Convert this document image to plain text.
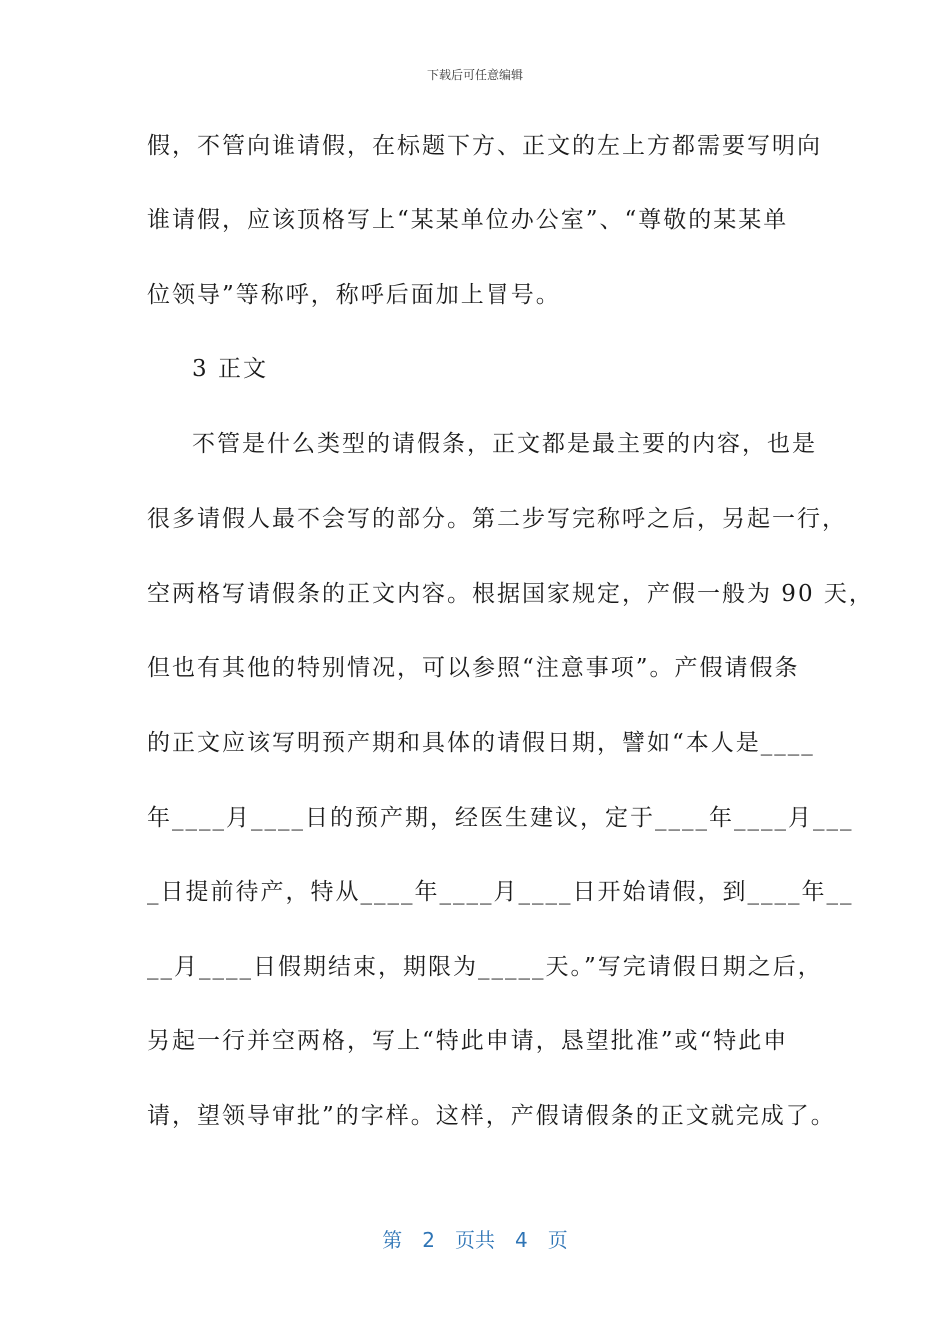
下载后可任意编辑
假，不管向谁请假，在标题下方、正文的左上方都需要写明向
谁请假，应该顶格写上“某某单位办公室”、“尊敬的某某单
位领导”等称呼，称呼后面加上冒号。
3 正文
不管是什么类型的请假条，正文都是最主要的内容，也是
很多请假人最不会写的部分。第二步写完称呼之后，另起一行，
空两格写请假条的正文内容。根据国家规定，产假一般为 90 天，
但也有其他的特别情况，可以参照“注意事项”。产假请假条
的正文应该写明预产期和具体的请假日期，譬如“本人是____
年____月____日的预产期，经医生建议，定于____年____月___
_日提前待产，特从____年____月____日开始请假，到____年__
__月____日假期结束，期限为_____天。”写完请假日期之后，
另起一行并空两格，写上“特此申请，恳望批准”或“特此申
请，望领导审批”的字样。这样，产假请假条的正文就完成了。
第 2 页共 4 页
